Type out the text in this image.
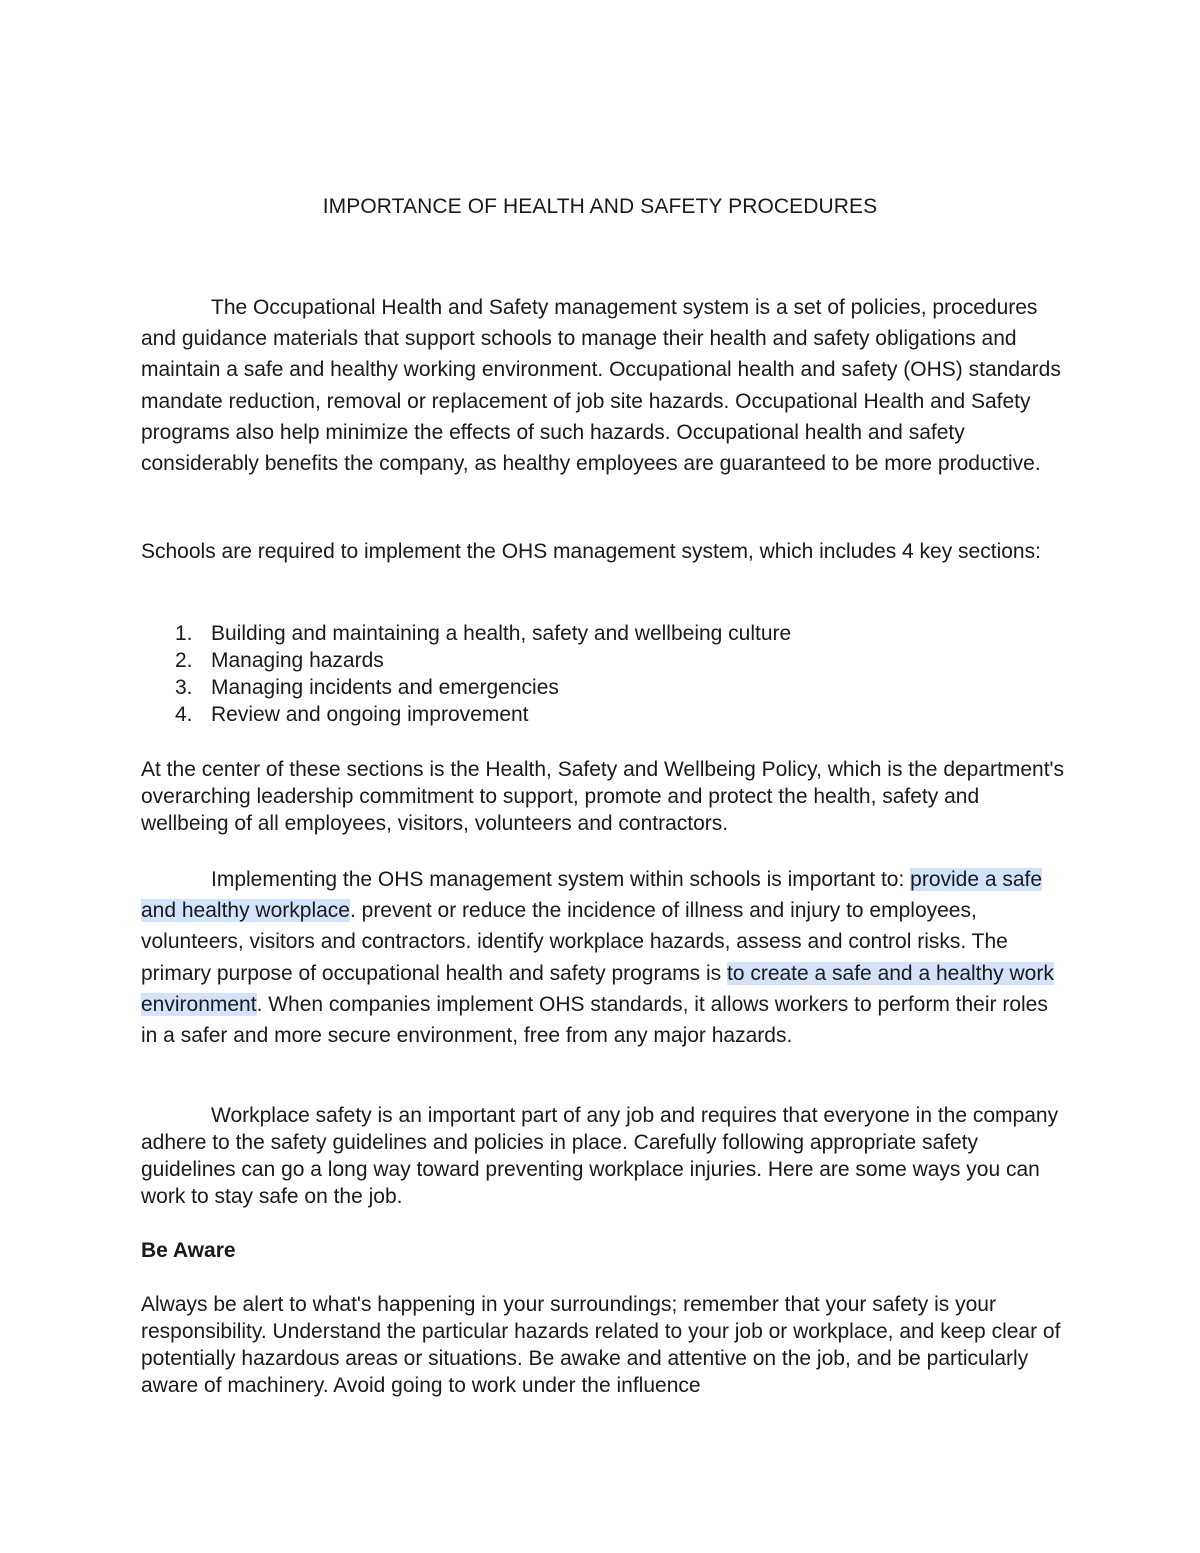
IMPORTANCE OF HEALTH AND SAFETY PROCEDURES

The Occupational Health and Safety management system is a set of policies, procedures and guidance materials that support schools to manage their health and safety obligations and maintain a safe and healthy working environment. Occupational health and safety (OHS) standards mandate reduction, removal or replacement of job site hazards. Occupational Health and Safety programs also help minimize the effects of such hazards. Occupational health and safety considerably benefits the company, as healthy employees are guaranteed to be more productive.

Schools are required to implement the OHS management system, which includes 4 key sections:

1. Building and maintaining a health, safety and wellbeing culture
2. Managing hazards
3. Managing incidents and emergencies
4. Review and ongoing improvement

At the center of these sections is the Health, Safety and Wellbeing Policy, which is the department's overarching leadership commitment to support, promote and protect the health, safety and wellbeing of all employees, visitors, volunteers and contractors.

Implementing the OHS management system within schools is important to: provide a safe and healthy workplace. prevent or reduce the incidence of illness and injury to employees, volunteers, visitors and contractors. identify workplace hazards, assess and control risks. The primary purpose of occupational health and safety programs is to create a safe and a healthy work environment. When companies implement OHS standards, it allows workers to perform their roles in a safer and more secure environment, free from any major hazards.

Workplace safety is an important part of any job and requires that everyone in the company adhere to the safety guidelines and policies in place. Carefully following appropriate safety guidelines can go a long way toward preventing workplace injuries. Here are some ways you can work to stay safe on the job.

Be Aware

Always be alert to what's happening in your surroundings; remember that your safety is your responsibility. Understand the particular hazards related to your job or workplace, and keep clear of potentially hazardous areas or situations. Be awake and attentive on the job, and be particularly aware of machinery. Avoid going to work under the influence
